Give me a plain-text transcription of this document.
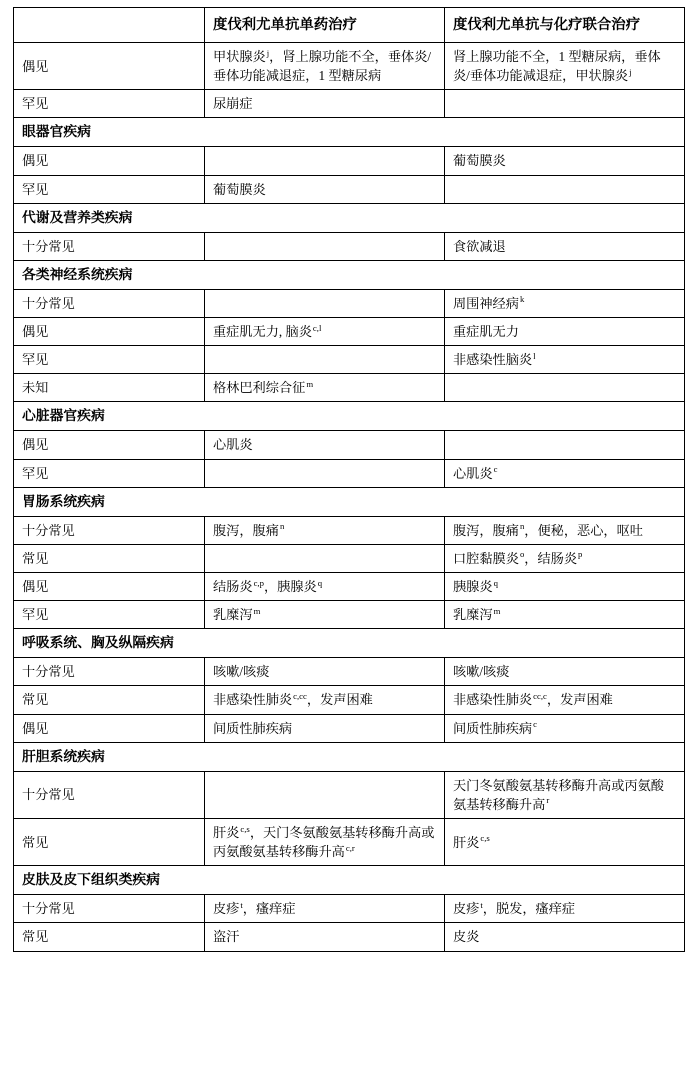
	度伐利尤单抗单药治疗	度伐利尤单抗与化疗联合治疗
偶见	甲状腺炎$^j$，肾上腺功能不全，垂体炎/垂体功能减退症，1 型糖尿病	肾上腺功能不全，1 型糖尿病，垂体炎/垂体功能减退症，甲状腺炎$^j$
罕见	尿崩症	
眼器官疾病		
偶见		葡萄膜炎
罕见	葡萄膜炎	
代谢及营养类疾病		
十分常见		食欲减退
各类神经系统疾病		
十分常见		周围神经病$^k$
偶见	重症肌无力, 脑炎$^{c,l}$	重症肌无力
罕见		非感染性脑炎$^l$
未知	格林巴利综合征$^m$	
心脏器官疾病		
偶见	心肌炎	
罕见		心肌炎$^c$
胃肠系统疾病		
十分常见	腹泻，腹痛$^n$	腹泻，腹痛$^n$，便秘，恶心，呕吐
常见		口腔黏膜炎$^o$，结肠炎$^p$
偶见	结肠炎$^{c,p}$，胰腺炎$^q$	胰腺炎$^q$
罕见	乳糜泻$^m$	乳糜泻$^m$
呼吸系统、胸及纵隔疾病		
十分常见	咳嗽/咳痰	咳嗽/咳痰
常见	非感染性肺炎$^{c,cc}$，发声困难	非感染性肺炎$^{cc,c}$，发声困难
偶见	间质性肺疾病	间质性肺疾病$^c$
肝胆系统疾病		
十分常见		天门冬氨酸氨基转移酶升高或丙氨酸氨基转移酶升高$^r$
常见	肝炎$^{c,s}$，天门冬氨酸氨基转移酶升高或丙氨酸氨基转移酶升高$^{c,r}$	肝炎$^{c,s}$
皮肤及皮下组织类疾病		
十分常见	皮疹$^t$，瘙痒症	皮疹$^t$，脱发，瘙痒症
常见	盗汗	皮炎
